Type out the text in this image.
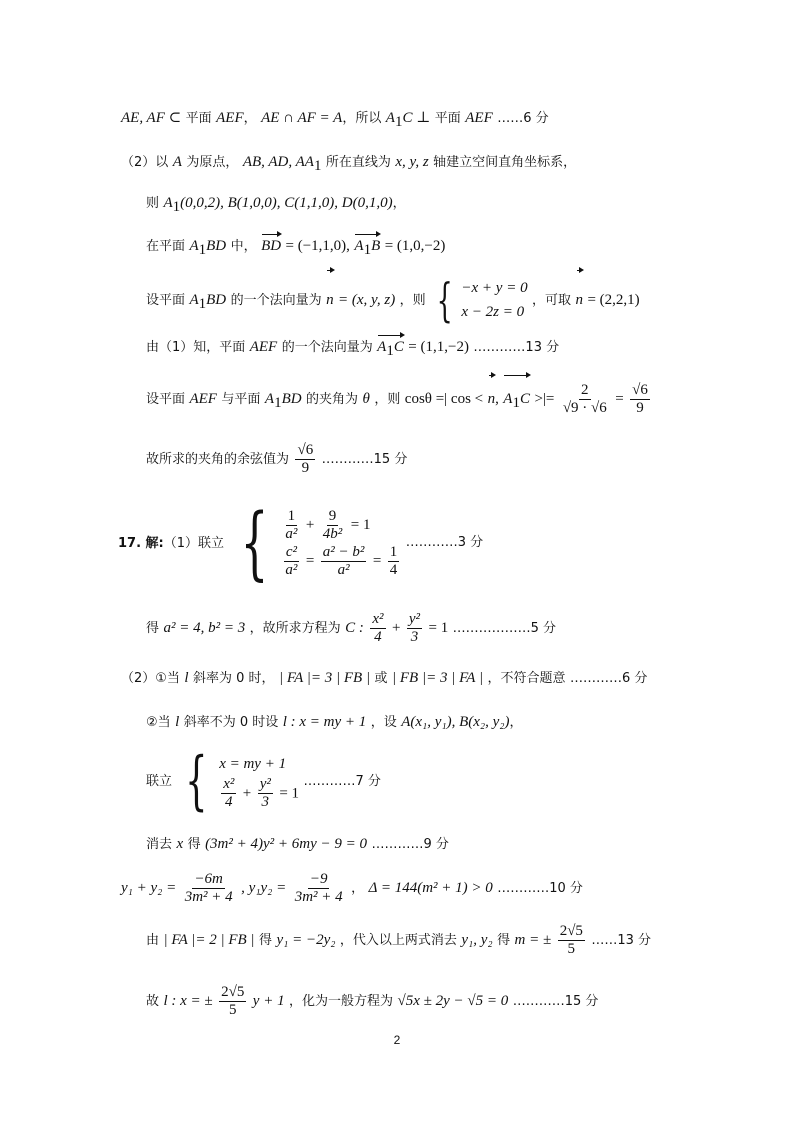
AE, AF ⊂ 平面 AEF， AE ∩ AF = A，所以 $A_1C$ ⊥ 平面 AEF ……6 分
（2）以 A 为原点， AB, AD, $AA_1$ 所在直线为 x, y, z 轴建立空间直角坐标系，
则 $A_1(0,0,2)$, B(1,0,0), C(1,1,0), D(0,1,0)，
在平面 $A_1BD$ 中， BD = (−1,1,0), $A_1B = (1,0,-2)$
设平面 $A_1BD$ 的一个法向量为 n = (x, y, z) ，则 { −x + y = 0
x − 2z = 0
，可取 n = (2,2,1)
由（1）知，平面 AEF 的一个法向量为 $A_1C = (1,1,-2)$ …………13 分
设平面 AEF 与平面 $A_1BD$ 的夹角为 θ ，则 cosθ =| cos < n, $A_1C$ >|= $\frac{2}{√9 \cdot √6} = \frac{√6}{9}$
故所求的夹角的余弦值为 $\frac{√6}{9}$ …………15 分
17. 解:（1）联立 { $\frac{1}{\text{a²}} + \frac{9}{\text{4b²}} = 1$
$\frac{\text{c²}}{\text{a²}} = \frac{\text{a² − b²}}{\text{a²}} = \frac{1}{4}$
…………3 分
得 a² = 4, b² = 3 ，故所求方程为 C : $\frac{\text{x²}}{4} + \frac{\text{y²}}{3} = 1$ ………………5 分
（2）①当 l 斜率为 0 时， | FA |= 3 | FB | 或 | FB |= 3 | FA | ，不符合题意 …………6 分
②当 l 斜率不为 0 时设 l : x = my + 1 ，设 A(x₁, y₁), B(x₂, y₂)，
联立 { x = my + 1
$\frac{\text{x²}}{4} + \frac{\text{y²}}{3} = 1$
…………7 分
消去 x 得 (3m² + 4)y² + 6my − 9 = 0 …………9 分
$y_1 + y_2 = \frac{-6m}{\text{3m² + 4}}$ , $y_1y_2 = \frac{-9}{\text{3m² + 4}}$ ， Δ = 144(m² + 1) > 0 …………10 分
由 | FA |= 2 | FB | 得 y₁ = −2y₂ ，代入以上两式消去 y₁, y₂ 得 m = ± $\frac{2√5}{5}$ ……13 分
故 l : x = ± $\frac{2√5}{5}$ y + 1 ，化为一般方程为 √5x ± 2y − √5 = 0 …………15 分
2
